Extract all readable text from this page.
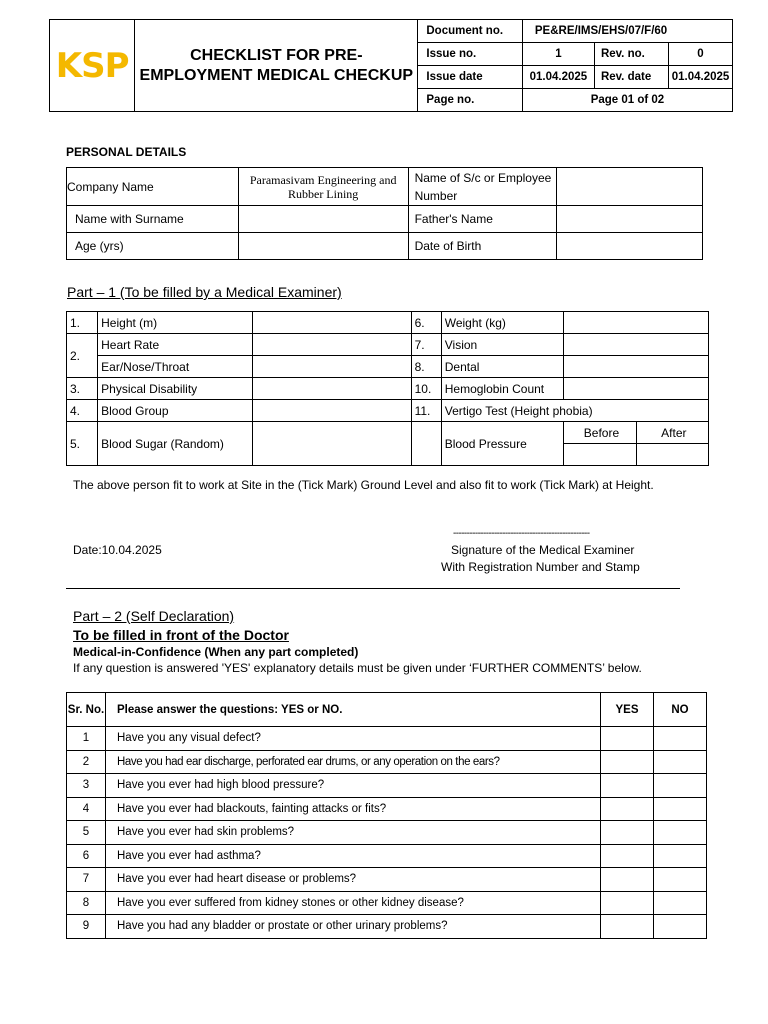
KSP	CHECKLIST FOR PRE-EMPLOYMENT MEDICAL CHECKUP	Document no.	PE&RE/IMS/EHS/07/F/60		
		Issue no.	1	Rev. no.	0
		Issue date	01.04.2025	Rev. date	01.04.2025
		Page no.	Page 01 of 02		
PERSONAL DETAILS
Company Name	Paramasivam Engineering and Rubber Lining	Name of S/c or Employee Number	
Name with Surname		Father's Name	
Age (yrs)		Date of Birth	
Part – 1 (To be filled by a Medical Examiner)
1.	Height (m)		6.	Weight (kg)	
2.	Heart Rate		7.	Vision	
Ear/Nose/Throat		8.	Dental	
3.	Physical Disability		10.	Hemoglobin Count	
4.	Blood Group		11.	Vertigo Test (Height phobia)
5.	Blood Sugar (Random)			Blood Pressure	
Before	After

The above person fit to work at Site in the (Tick Mark) Ground Level and also fit to work (Tick Mark) at Height.
Date:10.04.2025
--------------------------------------------------
Signature of the Medical Examiner
With Registration Number and Stamp
Part – 2 (Self Declaration)
To be filled in front of the Doctor
Medical-in-Confidence (When any part completed)
If any question is answered 'YES' explanatory details must be given under ‘FURTHER COMMENTS’ below.
Sr. No.	Please answer the questions: YES or NO.	YES	NO
1	Have you any visual defect?		
2	Have you had ear discharge, perforated ear drums, or any operation on the ears?		
3	Have you ever had high blood pressure?		
4	Have you ever had blackouts, fainting attacks or fits?		
5	Have you ever had skin problems?		
6	Have you ever had asthma?		
7	Have you ever had heart disease or problems?		
8	Have you ever suffered from kidney stones or other kidney disease?		
9	Have you had any bladder or prostate or other urinary problems?		
